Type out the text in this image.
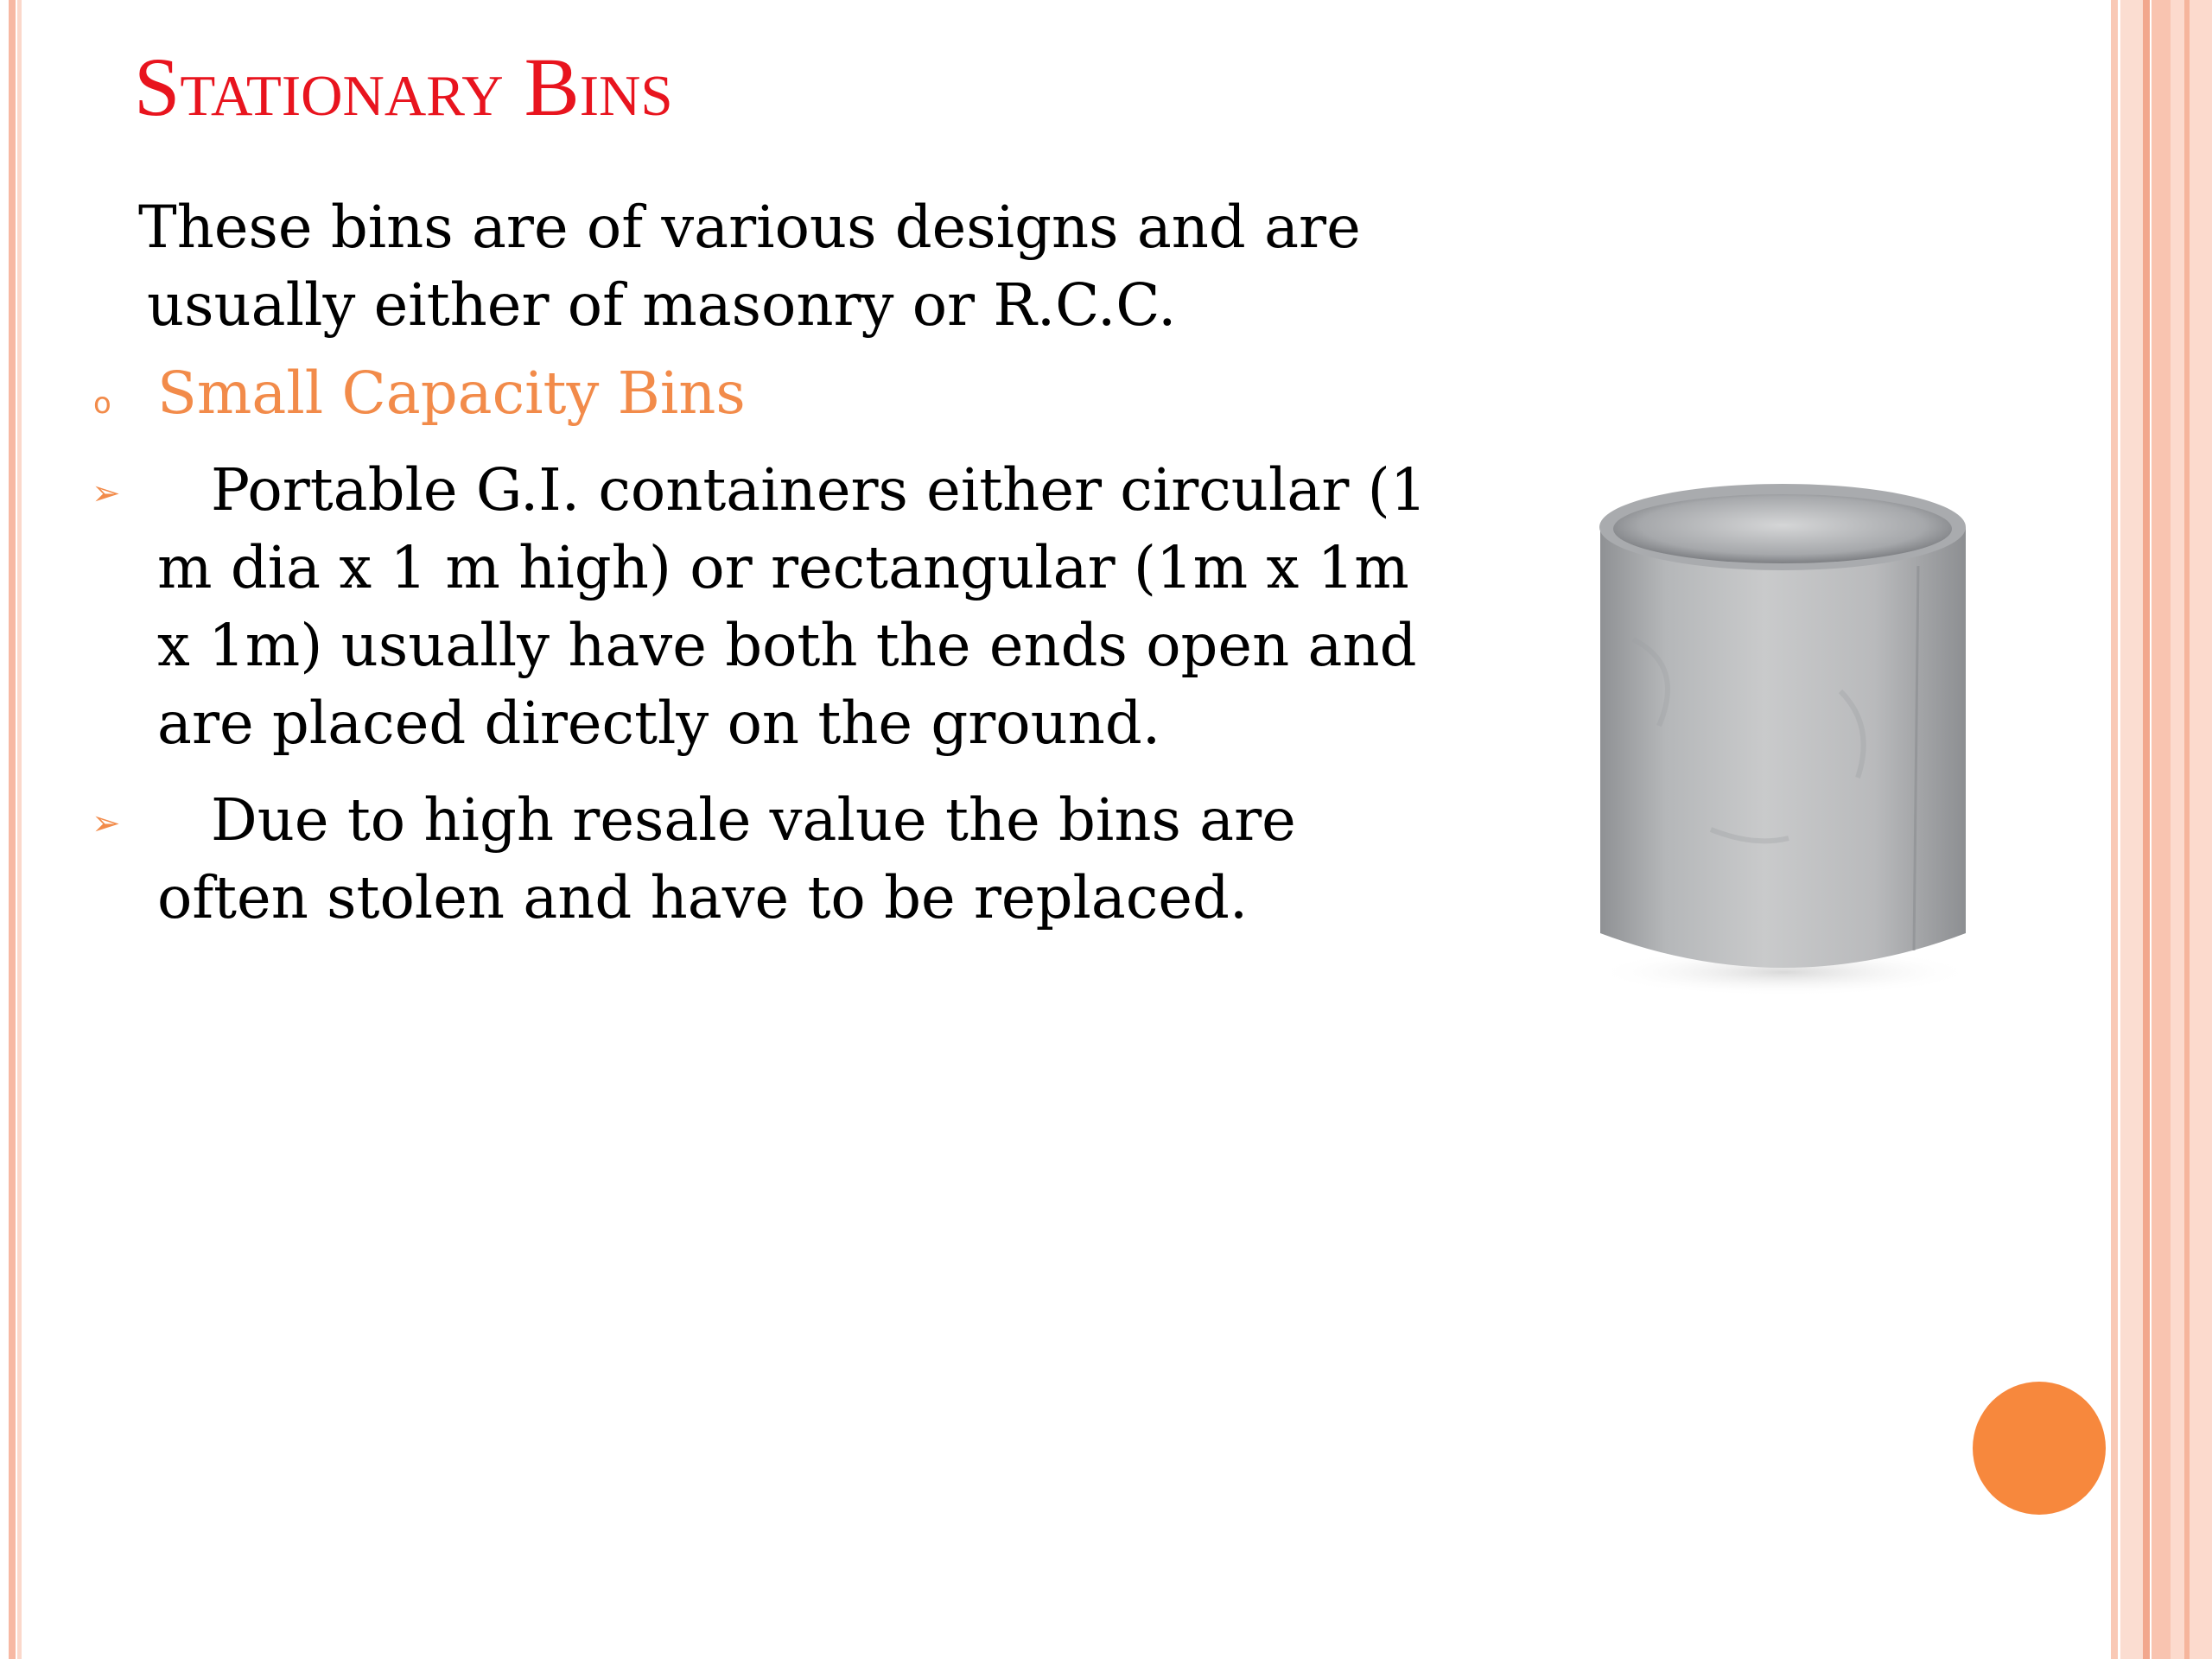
Stationary Bins

These bins are of various designs and are usually either of masonry or R.C.C.

o Small Capacity Bins
➢	Portable G.I. containers either circular (1 m dia x 1 m high) or rectangular (1m x 1m x 1m) usually have both the ends open and are placed directly on the ground.
➢	Due to high resale value the bins are often stolen and have to be replaced.
